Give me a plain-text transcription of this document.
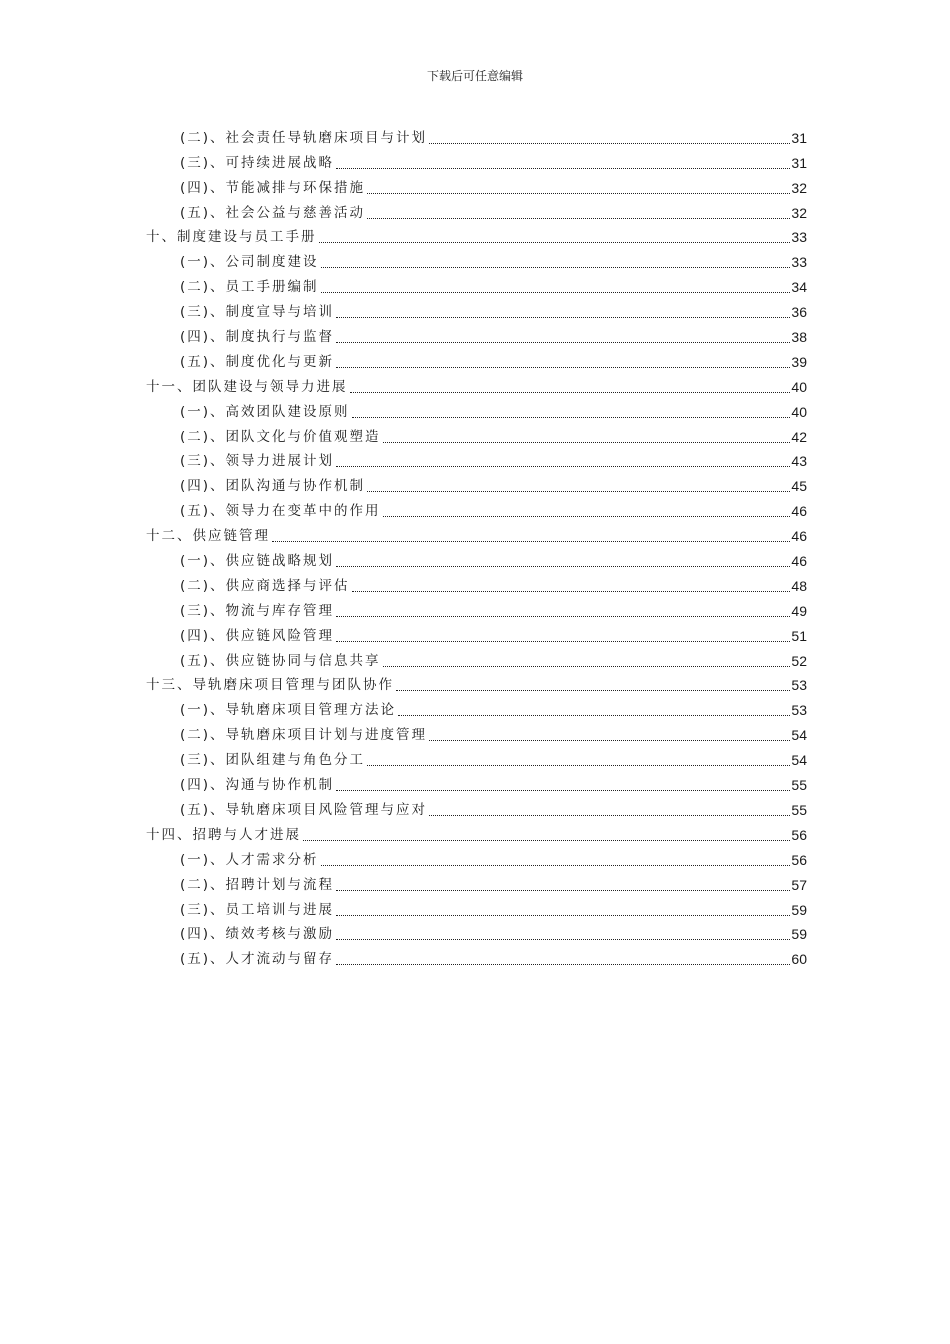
下载后可任意编辑
(二)、社会责任导轨磨床项目与计划	31
(三)、可持续进展战略	31
(四)、节能减排与环保措施	32
(五)、社会公益与慈善活动	32
十、制度建设与员工手册	33
(一)、公司制度建设	33
(二)、员工手册编制	34
(三)、制度宣导与培训	36
(四)、制度执行与监督	38
(五)、制度优化与更新	39
十一、团队建设与领导力进展	40
(一)、高效团队建设原则	40
(二)、团队文化与价值观塑造	42
(三)、领导力进展计划	43
(四)、团队沟通与协作机制	45
(五)、领导力在变革中的作用	46
十二、供应链管理	46
(一)、供应链战略规划	46
(二)、供应商选择与评估	48
(三)、物流与库存管理	49
(四)、供应链风险管理	51
(五)、供应链协同与信息共享	52
十三、导轨磨床项目管理与团队协作	53
(一)、导轨磨床项目管理方法论	53
(二)、导轨磨床项目计划与进度管理	54
(三)、团队组建与角色分工	54
(四)、沟通与协作机制	55
(五)、导轨磨床项目风险管理与应对	55
十四、招聘与人才进展	56
(一)、人才需求分析	56
(二)、招聘计划与流程	57
(三)、员工培训与进展	59
(四)、绩效考核与激励	59
(五)、人才流动与留存	60
